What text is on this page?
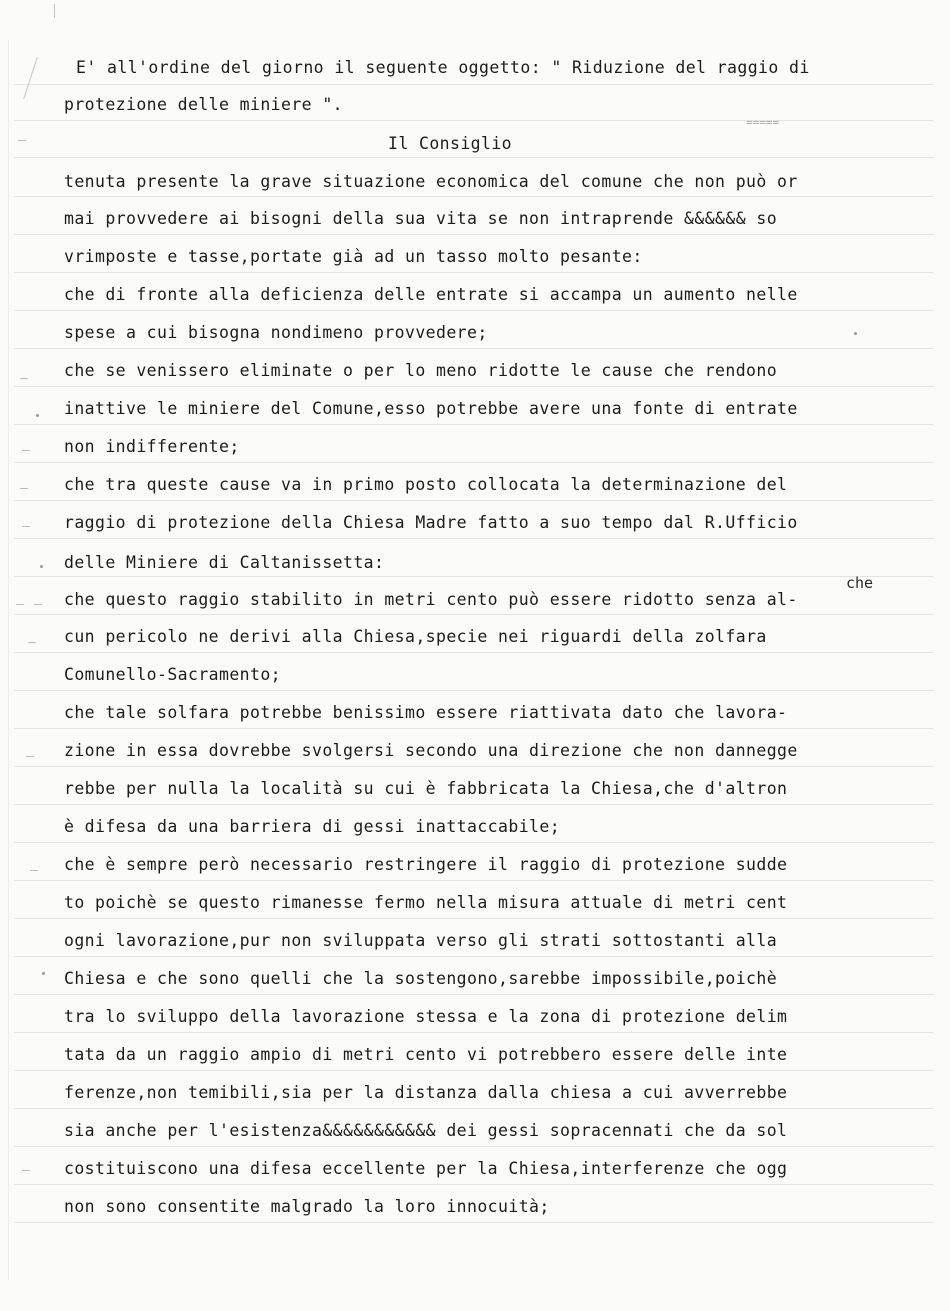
=====
E' all'ordine del giorno il seguente oggetto: " Riduzione del raggio di
protezione delle miniere ".
Il Consiglio
tenuta presente la grave situazione economica del comune che non può or
mai provvedere ai bisogni della sua vita se non intraprende &&&&&& so
vrimposte e tasse,portate già ad un tasso molto pesante:
che di fronte alla deficienza delle entrate si accampa un aumento nelle
spese a cui bisogna nondimeno provvedere;
che se venissero eliminate o per lo meno ridotte le cause che rendono
inattive le miniere del Comune,esso potrebbe avere una fonte di entrate
non indifferente;
che tra queste cause va in primo posto collocata la determinazione del
raggio di protezione della Chiesa Madre fatto a suo tempo dal R.Ufficio
delle Miniere di Caltanissetta:
che
che questo raggio stabilito in metri cento può essere ridotto senza al-
cun pericolo ne derivi alla Chiesa,specie nei riguardi della zolfara
Comunello-Sacramento;
che tale solfara potrebbe benissimo essere riattivata dato che lavora-
zione in essa dovrebbe svolgersi secondo una direzione che non dannegge
rebbe per nulla la località su cui è fabbricata la Chiesa,che d'altron
è difesa da una barriera di gessi inattaccabile;
che è sempre però necessario restringere il raggio di protezione sudde
to poichè se questo rimanesse fermo nella misura attuale di metri cent
ogni lavorazione,pur non sviluppata verso gli strati sottostanti alla
Chiesa e che sono quelli che la sostengono,sarebbe impossibile,poichè
tra lo sviluppo della lavorazione stessa e la zona di protezione delim
tata da un raggio ampio di metri cento vi potrebbero essere delle inte
ferenze,non temibili,sia per la distanza dalla chiesa a cui avverrebbe
sia anche per l'esistenza&&&&&&&&&&& dei gessi sopracennati che da sol
costituiscono una difesa eccellente per la Chiesa,interferenze che ogg
non sono consentite malgrado la loro innocuità;
